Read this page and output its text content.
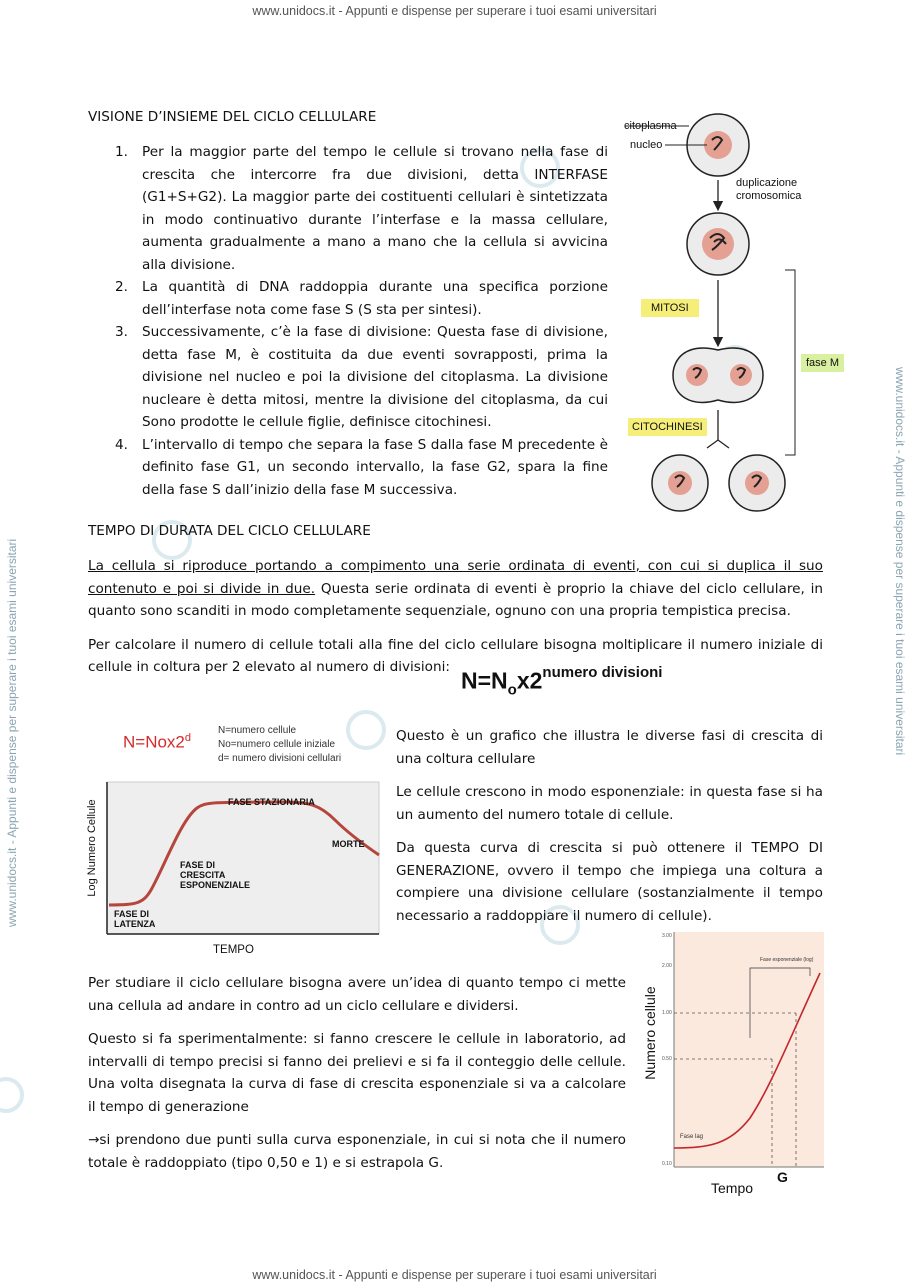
www.unidocs.it - Appunti e dispense per superare i tuoi esami universitari
www.unidocs.it - Appunti e dispense per superare i tuoi esami universitari
www.unidocs.it - Appunti e dispense per superare i tuoi esami universitari	www.unidocs.it - Appunti e dispense per superare i tuoi esami universitari
VISIONE D’INSIEME DEL CICLO CELLULARE
1. Per la maggior parte del tempo le cellule si trovano nella fase di crescita che intercorre fra due divisioni, detta INTERFASE (G1+S+G2). La maggior parte dei costituenti cellulari è sintetizzata in modo continuativo durante l’interfase e la massa cellulare, aumenta gradualmente a mano a mano che la cellula si avvicina alla divisione.
2. La quantità di DNA raddoppia durante una specifica porzione dell’interfase nota come fase S (S sta per sintesi).
3. Successivamente, c’è la fase di divisione: Questa fase di divisione, detta fase M, è costituita da due eventi sovrapposti, prima la divisione nel nucleo e poi la divisione del citoplasma. La divisione nucleare è detta mitosi, mentre la divisione del citoplasma, da cui Sono prodotte le cellule figlie, definisce citochinesi.
4. L’intervallo di tempo che separa la fase S dalla fase M precedente è definito fase G1, un secondo intervallo, la fase G2, spara la fine della fase S dall’inizio della fase M successiva.
citoplasma
nucleo
duplicazione
cromosomica
MITOSI
CITOCHINESI
fase M
TEMPO DI DURATA DEL CICLO CELLULARE

La cellula si riproduce portando a compimento una serie ordinata di eventi, con cui si duplica il suo contenuto e poi si divide in due. Questa serie ordinata di eventi è proprio la chiave del ciclo cellulare, in quanto sono scanditi in modo completamente sequenziale, ognuno con una propria tempistica precisa.

Per calcolare il numero di cellule totali alla fine del ciclo cellulare bisogna moltiplicare il numero iniziale di cellule in coltura per 2 elevato al numero di divisioni:

$N=N_ox2^{numero divisioni}$
$N=Nox2^d$
N=numero cellule
No=numero cellule iniziale
d= numero divisioni cellulari
Log Numero Cellule
TEMPO
FASE DI
LATENZA
FASE DI
CRESCITA
ESPONENZIALE
FASE STAZIONARIA
MORTE

Questo è un grafico che illustra le diverse fasi di crescita di una coltura cellulare

Le cellule crescono in modo esponenziale: in questa fase si ha un aumento del numero totale di cellule.

Da questa curva di crescita si può ottenere il TEMPO DI GENERAZIONE, ovvero il tempo che impiega una coltura a compiere una divisione cellulare (sostanzialmente il tempo necessario a raddoppiare il numero di cellule).

Per studiare il ciclo cellulare bisogna avere un’idea di quanto tempo ci mette una cellula ad andare in contro ad un ciclo cellulare e dividersi.

Questo si fa sperimentalmente: si fanno crescere le cellule in laboratorio, ad intervalli di tempo precisi si fanno dei prelievi e si fa il conteggio delle cellule. Una volta disegnata la curva di fase di crescita esponenziale si va a calcolare il tempo di generazione

→si prendono due punti sulla curva esponenziale, in cui si nota che il numero totale è raddoppiato (tipo 0,50 e 1) e si estrapola G.

3.00
2.00
1.00
0.50
0.10
Fase lag
Fase esponenziale (log)
Numero cellule
Tempo
G
